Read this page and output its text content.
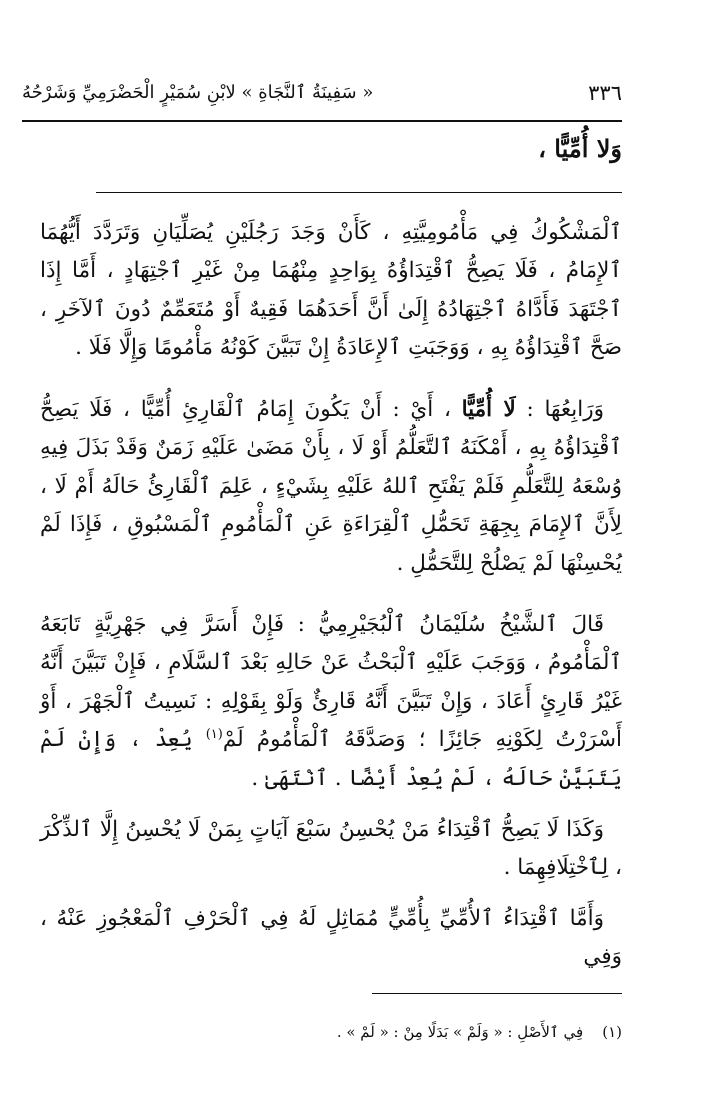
٣٣٦
« سَفِينَةُ ٱلنَّجَاةِ » لابْنِ سُمَيْرٍ الْحَضْرَمِيِّ وَشَرْحُهُ
وَلا أُمِّيًّا ،

ٱلْمَشْكُوكُ فِي مَأْمُومِيَّتِهِ ، كَأَنْ وَجَدَ رَجُلَيْنِ يُصَلِّيَانِ وَتَرَدَّدَ أَيُّهُمَا ٱلإِمَامُ ، فَلَا يَصِحُّ ٱقْتِدَاؤُهُ بِوَاحِدٍ مِنْهُمَا مِنْ غَيْرِ ٱجْتِهَادٍ ، أَمَّا إِذَا ٱجْتَهَدَ فَأَدَّاهُ ٱجْتِهَادُهُ إِلَىٰ أَنَّ أَحَدَهُمَا فَقِيهٌ أَوْ مُتَعَمِّمٌ دُونَ ٱلآخَرِ ، صَحَّ ٱقْتِدَاؤُهُ بِهِ ، وَوَجَبَتِ ٱلإِعَادَةُ إِنْ تَبَيَّنَ كَوْنُهُ مَأْمُومًا وَإِلَّا فَلَا .

وَرَابِعُهَا : لَا أُمِّيًّا ، أَيْ : أَنْ يَكُونَ إِمَامُ ٱلْقَارِئِ أُمِّيًّا ، فَلَا يَصِحُّ ٱقْتِدَاؤُهُ بِهِ ، أَمْكَنَهُ ٱلتَّعَلُّمُ أَوْ لَا ، بِأَنْ مَضَىٰ عَلَيْهِ زَمَنٌ وَقَدْ بَذَلَ فِيهِ وُسْعَهُ لِلتَّعَلُّمِ فَلَمْ يَفْتَحِ ٱللهُ عَلَيْهِ بِشَيْءٍ ، عَلِمَ ٱلْقَارِئُ حَالَهُ أَمْ لَا ، لِأَنَّ ٱلإِمَامَ بِجِهَةِ تَحَمُّلِ ٱلْقِرَاءَةِ عَنِ ٱلْمَأْمُومِ ٱلْمَسْبُوقِ ، فَإِذَا لَمْ يُحْسِنْهَا لَمْ يَصْلُحْ لِلتَّحَمُّلِ .

قَالَ ٱلشَّيْخُ سُلَيْمَانُ ٱلْبُجَيْرِمِيُّ : فَإِنْ أَسَرَّ فِي جَهْرِيَّةٍ تَابَعَهُ ٱلْمَأْمُومُ ، وَوَجَبَ عَلَيْهِ ٱلْبَحْثُ عَنْ حَالِهِ بَعْدَ ٱلسَّلَامِ ، فَإِنْ تَبَيَّنَ أَنَّهُ غَيْرُ قَارِئٍ أَعَادَ ، وَإِنْ تَبَيَّنَ أَنَّهُ قَارِئٌ وَلَوْ بِقَوْلِهِ : نَسِيتُ ٱلْجَهْرَ ، أَوْ أَسْرَرْتُ لِكَوْنِهِ جَائِزًا ؛ وَصَدَّقَهُ ٱلْمَأْمُومُ لَمْ$^{(١)}$ يُعِدْ ، وَإِنْ لَمْ يَتَبَيَّنْ حَالَهُ ، لَمْ يُعِدْ أَيْضًا . ٱنْتَهَىٰ .

وَكَذَا لَا يَصِحُّ ٱقْتِدَاءُ مَنْ يُحْسِنُ سَبْعَ آيَاتٍ بِمَنْ لَا يُحْسِنُ إِلَّا ٱلذِّكْرَ ، لِٱخْتِلَافِهِمَا .

وَأَمَّا ٱقْتِدَاءُ ٱلأُمِّيِّ بِأُمِّيٍّ مُمَاثِلٍ لَهُ فِي ٱلْحَرْفِ ٱلْمَعْجُوزِ عَنْهُ ، وَفِي

(١)    فِي ٱلأَصْلِ : « وَلَمْ » بَدَلًا مِنْ : « لَمْ » .
